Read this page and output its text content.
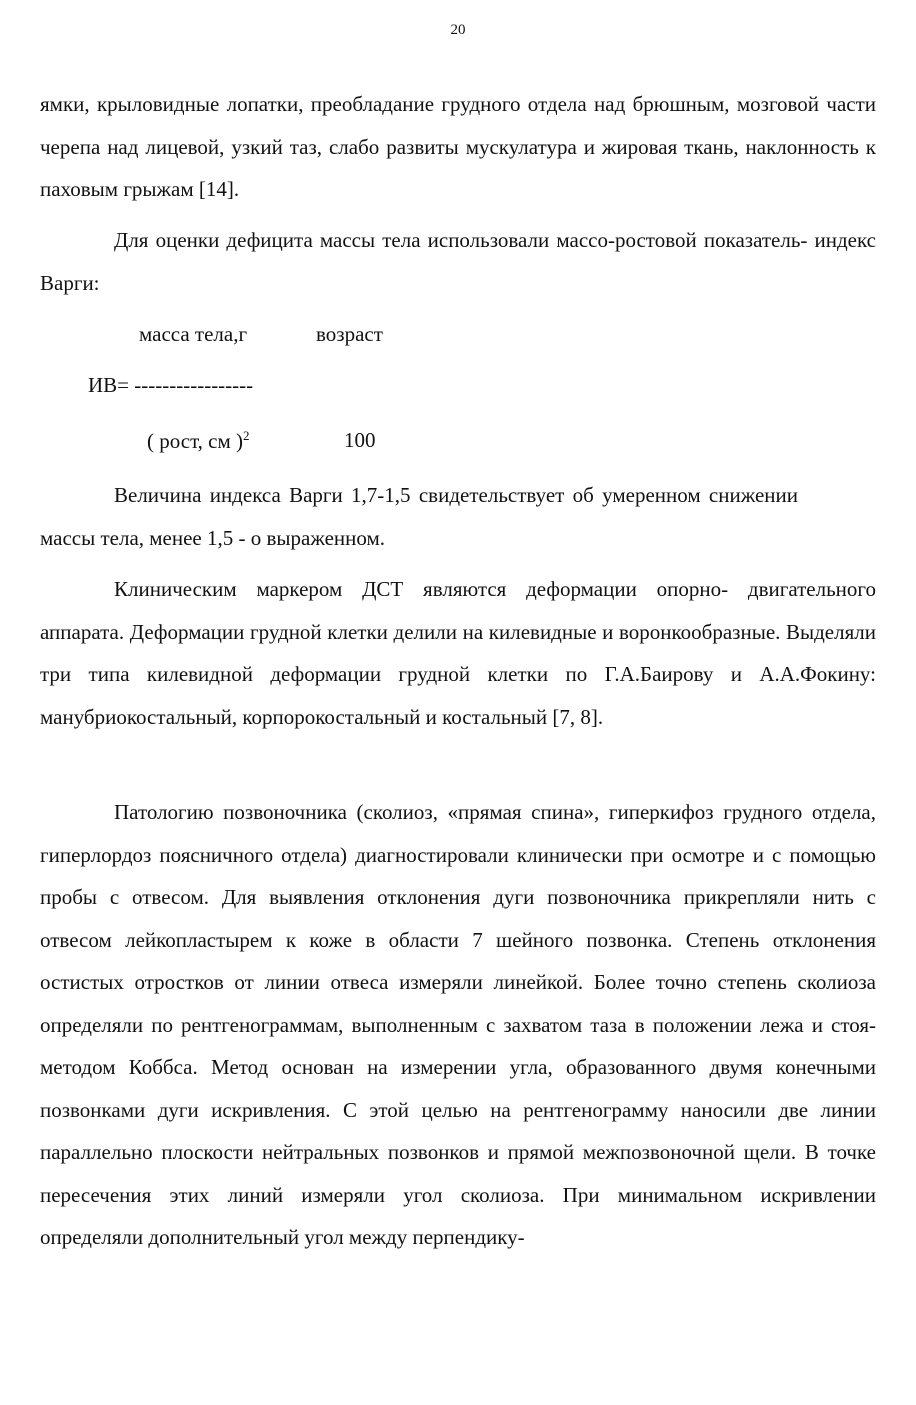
20

ямки, крыловидные лопатки, преобладание грудного отдела над брюшным, мозговой части черепа над лицевой, узкий таз, слабо развиты мускулатура и жировая ткань, наклонность к паховым грыжам [14].

Для оценки дефицита массы тела использовали массо-ростовой показатель- индекс Варги:

масса тела,г	возраст
ИВ= -----------------
( рост, см )$^2$	100

Величина индекса Варги 1,7-1,5 свидетельствует об умеренном снижениимассы тела, менее 1,5 - о выраженном.

Клиническим маркером ДСТ являются деформации опорно- двигательного аппарата. Деформации грудной клетки делили на килевидные и воронкообразные. Выделяли три типа килевидной деформации грудной клетки по Г.А.Баирову и А.А.Фокину: манубриокостальный, корпорокостальный и костальный [7, 8].

Патологию позвоночника (сколиоз, «прямая спина», гиперкифоз грудного отдела, гиперлордоз поясничного отдела) диагностировали клинически при осмотре и с помощью пробы с отвесом. Для выявления отклонения дуги позвоночника прикрепляли нить с отвесом лейкопластырем к коже в области 7 шейного позвонка. Степень отклонения остистых отростков от линии отвеса измеряли линейкой. Более точно степень сколиоза определяли по рентгенограммам, выполненным с захватом таза в положении лежа и стоя- методом Коббса. Метод основан на измерении угла, образованного двумя конечными позвонками дуги искривления. С этой целью на рентгенограмму наносили две линии параллельно плоскости нейтральных позвонков и прямой межпозвоночной щели. В точке пересечения этих линий измеряли угол сколиоза. При минимальном искривлении определяли дополнительный угол между перпендику-
